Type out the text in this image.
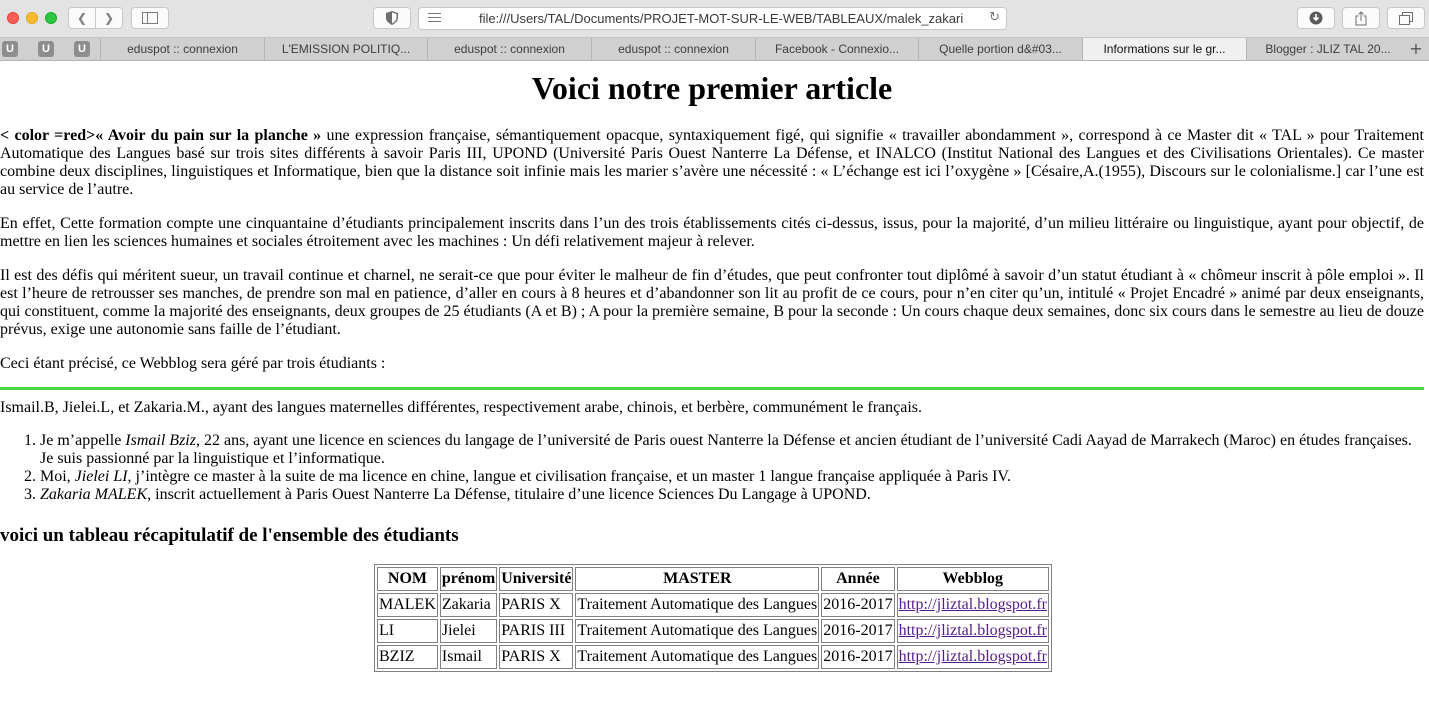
❮ ❯	file:///Users/TAL/Documents/PROJET-MOT-SUR-LE-WEB/TABLEAUX/malek_zakari	↻
U	U	U	eduspot :: connexion	L'EMISSION POLITIQ...	eduspot :: connexion	eduspot :: connexion	Facebook - Connexio...	Quelle portion d&#03...	Informations sur le gr...	Blogger : JLIZ TAL 20...	+
Voici notre premier article

< color =red>« Avoir du pain sur la planche » une expression française, sémantiquement opacque, syntaxiquement figé, qui signifie « travailler abondamment », correspond à ce Master dit « TAL » pour Traitement Automatique des Langues basé sur trois sites différents à savoir Paris III, UPOND (Université Paris Ouest Nanterre La Défense, et INALCO (Institut National des Langues et des Civilisations Orientales). Ce master combine deux disciplines, linguistiques et Informatique, bien que la distance soit infinie mais les marier s’avère une nécessité : « L’échange est ici l’oxygène » [Césaire,A.(1955), Discours sur le colonialisme.] car l’une est au service de l’autre.

En effet, Cette formation compte une cinquantaine d’étudiants principalement inscrits dans l’un des trois établissements cités ci-dessus, issus, pour la majorité, d’un milieu littéraire ou linguistique, ayant pour objectif, de mettre en lien les sciences humaines et sociales étroitement avec les machines : Un défi relativement majeur à relever.

Il est des défis qui méritent sueur, un travail continue et charnel, ne serait-ce que pour éviter le malheur de fin d’études, que peut confronter tout diplômé à savoir d’un statut étudiant à « chômeur inscrit à pôle emploi ». Il est l’heure de retrousser ses manches, de prendre son mal en patience, d’aller en cours à 8 heures et d’abandonner son lit au profit de ce cours, pour n’en citer qu’un, intitulé « Projet Encadré » animé par deux enseignants, qui constituent, comme la majorité des enseignants, deux groupes de 25 étudiants (A et B) ; A pour la première semaine, B pour la seconde : Un cours chaque deux semaines, donc six cours dans le semestre au lieu de douze prévus, exige une autonomie sans faille de l’étudiant.

Ceci étant précisé, ce Webblog sera géré par trois étudiants :

Ismail.B, Jielei.L, et Zakaria.M., ayant des langues maternelles différentes, respectivement arabe, chinois, et berbère, communément le français.

1. Je m’appelle Ismail Bziz, 22 ans, ayant une licence en sciences du langage de l’université de Paris ouest Nanterre la Défense et ancien étudiant de l’université Cadi Aayad de Marrakech (Maroc) en études françaises. Je suis passionné par la linguistique et l’informatique.
2. Moi, Jielei LI, j’intègre ce master à la suite de ma licence en chine, langue et civilisation française, et un master 1 langue française appliquée à Paris IV.
3. Zakaria MALEK, inscrit actuellement à Paris Ouest Nanterre La Défense, titulaire d’une licence Sciences Du Langage à UPOND.
voici un tableau récapitulatif de l'ensemble des étudiants
NOM	prénom	Université	MASTER	Année	Webblog
MALEK	Zakaria	PARIS X	Traitement Automatique des Langues	2016-2017	http://jliztal.blogspot.fr
LI	Jielei	PARIS III	Traitement Automatique des Langues	2016-2017	http://jliztal.blogspot.fr
BZIZ	Ismail	PARIS X	Traitement Automatique des Langues	2016-2017	http://jliztal.blogspot.fr
